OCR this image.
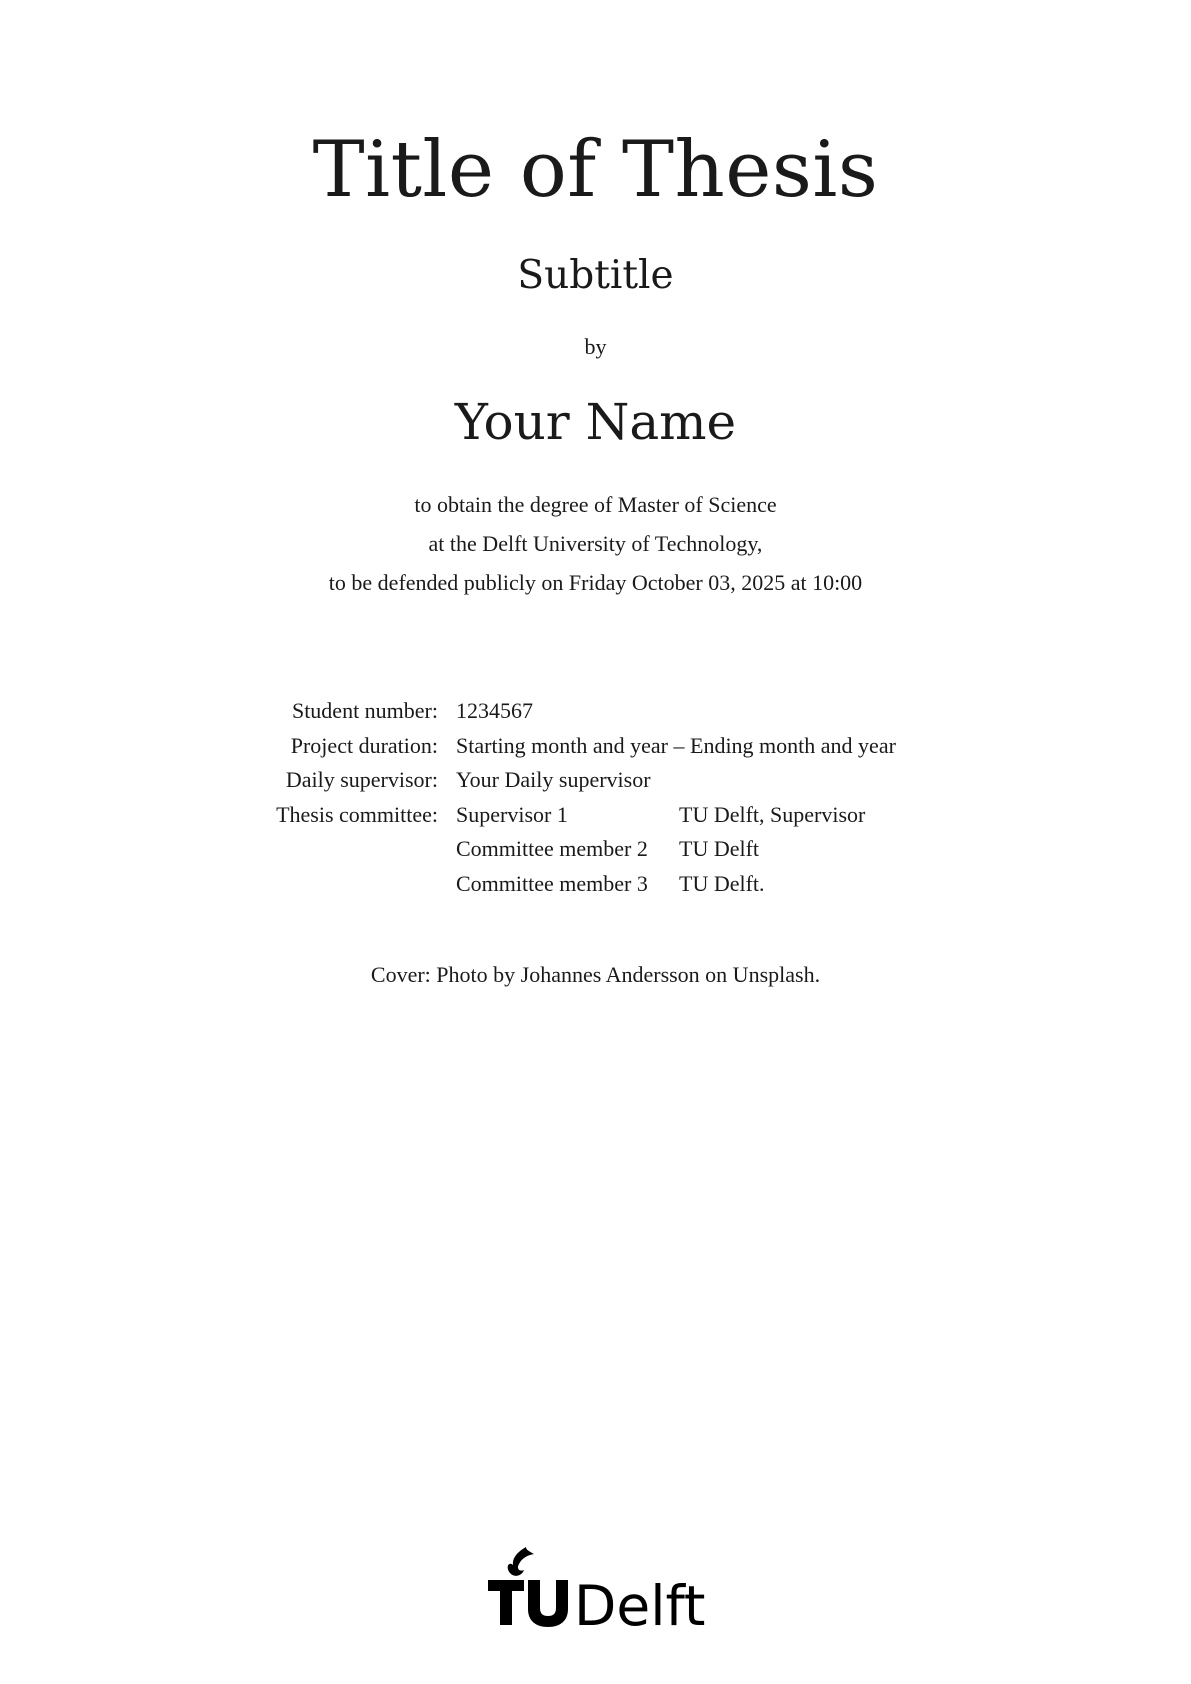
Title of Thesis
Subtitle
by
Your Name
to obtain the degree of Master of Science
at the Delft University of Technology,
to be defended publicly on Friday October 03, 2025 at 10:00
Student number: 1234567
Project duration: Starting month and year – Ending month and year
Daily supervisor: Your Daily supervisor
Thesis committee: Supervisor 1	TU Delft, Supervisor
Committee member 2 TU Delft
Committee member 3 TU Delft.
Cover: Photo by Johannes Andersson on Unsplash.
Delft
